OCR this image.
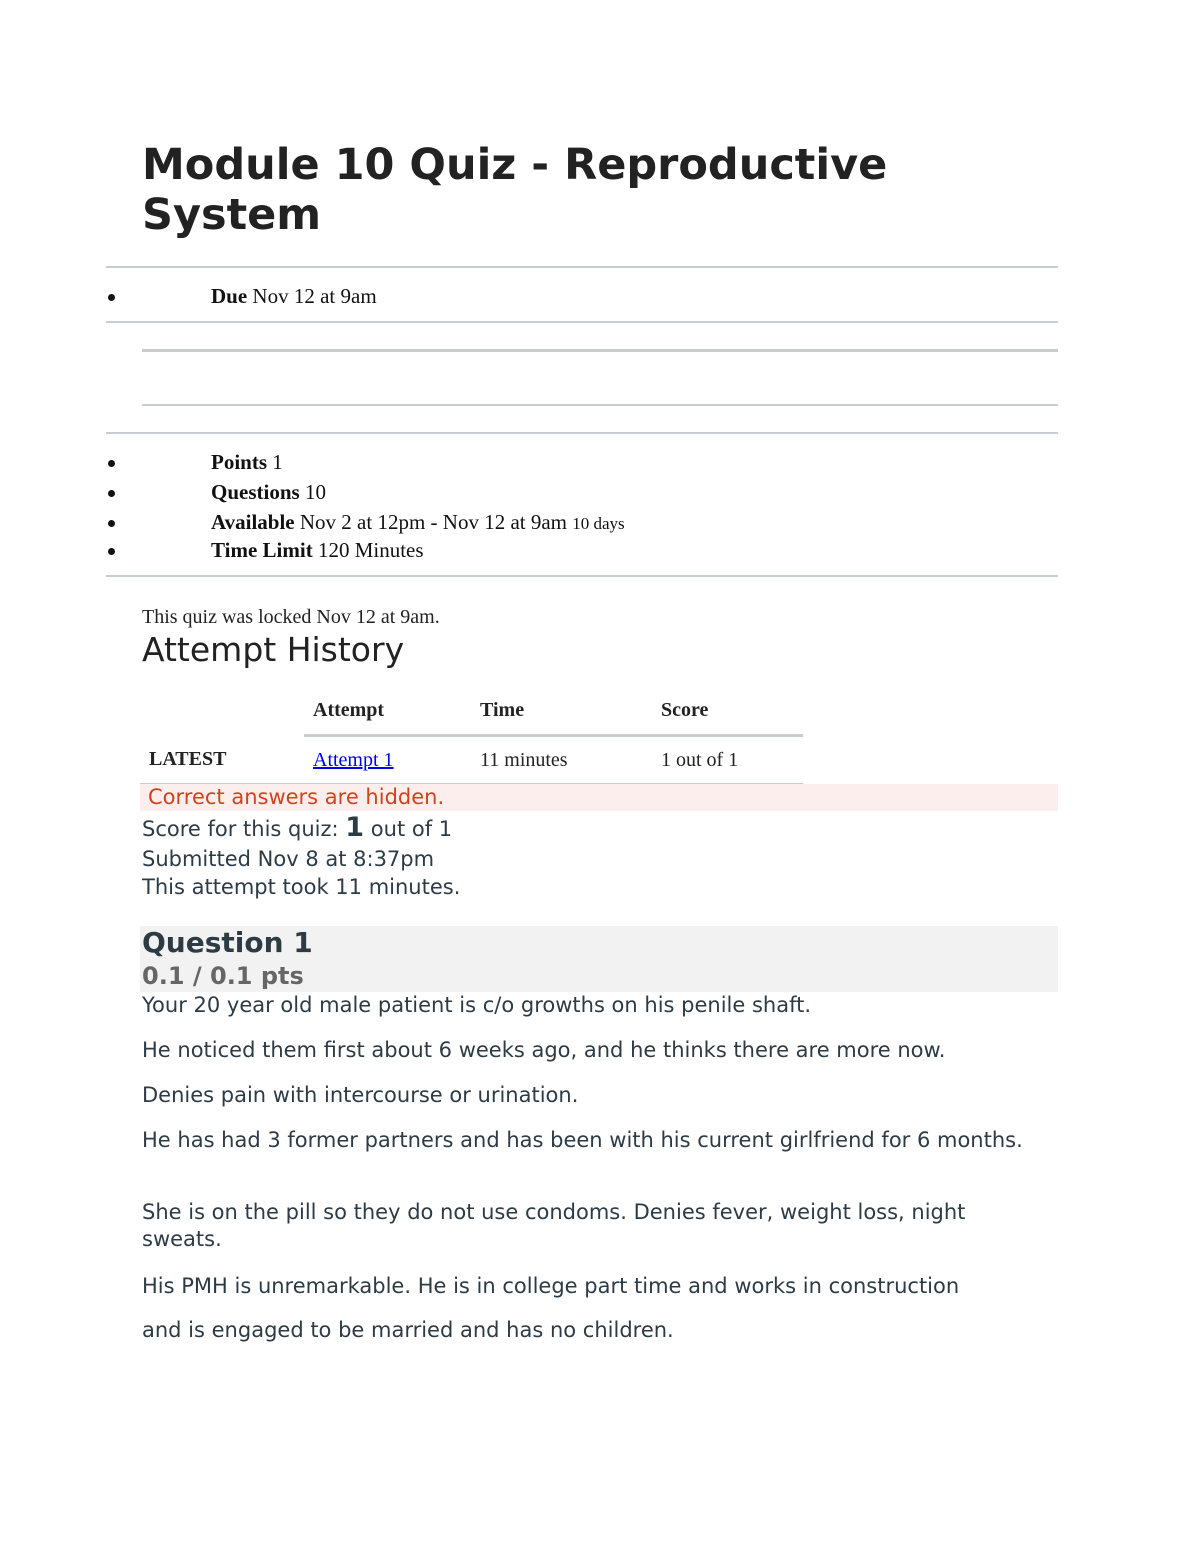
Module 10 Quiz - Reproductive System
Due Nov 12 at 9am
Points 1
Questions 10
Available Nov 2 at 12pm - Nov 12 at 9am 10 days
Time Limit 120 Minutes
This quiz was locked Nov 12 at 9am.
Attempt History
	Attempt	Time	Score
LATEST	Attempt 1	11 minutes	1 out of 1
Correct answers are hidden.
Score for this quiz: 1 out of 1
Submitted Nov 8 at 8:37pm
This attempt took 11 minutes.
Question 1
0.1 / 0.1 pts

Your 20 year old male patient is c/o growths on his penile shaft.

He noticed them first about 6 weeks ago, and he thinks there are more now.

Denies pain with intercourse or urination.

He has had 3 former partners and has been with his current girlfriend for 6 months.

She is on the pill so they do not use condoms. Denies fever, weight loss, night sweats.

His PMH is unremarkable. He is in college part time and works in construction

and is engaged to be married and has no children.
